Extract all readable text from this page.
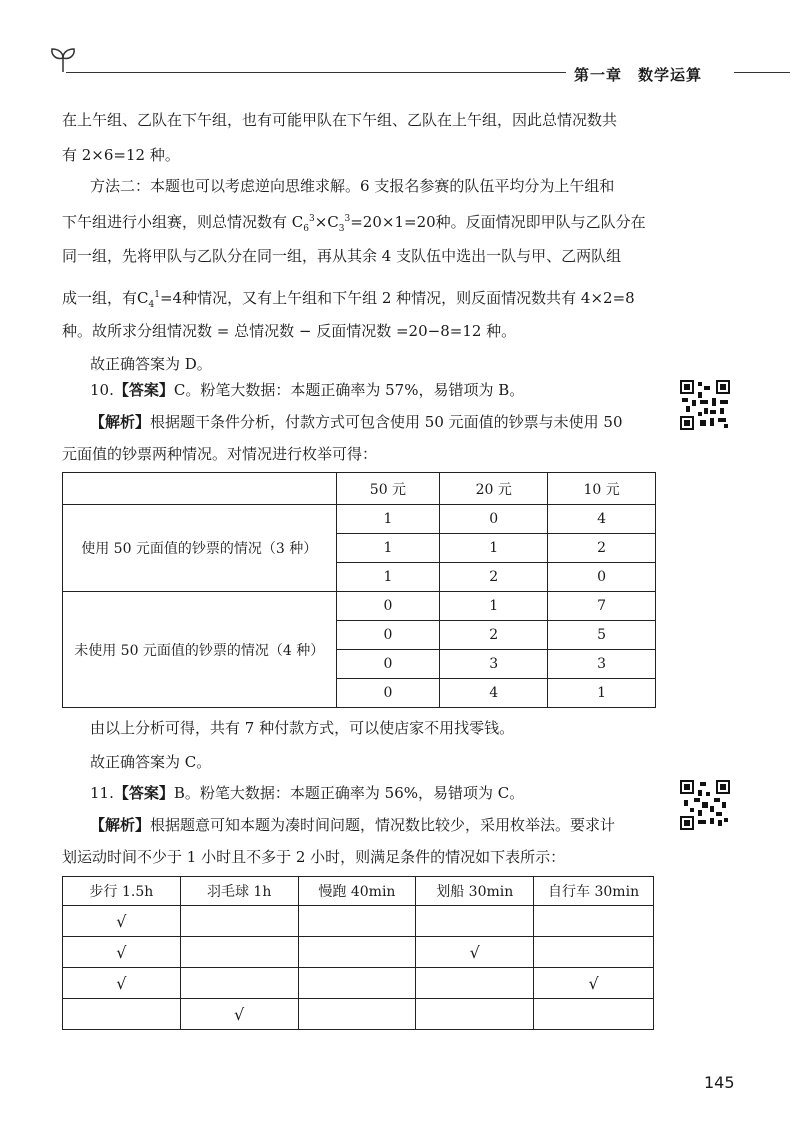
第一章　数学运算
在上午组、乙队在下午组，也有可能甲队在下午组、乙队在上午组，因此总情况数共
有 2×6=12 种。
方法二：本题也可以考虑逆向思维求解。6 支报名参赛的队伍平均分为上午组和
下午组进行小组赛，则总情况数有 $C_6^3\times C_3^3=20\times 1=20$种。反面情况即甲队与乙队分在
同一组，先将甲队与乙队分在同一组，再从其余 4 支队伍中选出一队与甲、乙两队组
成一组，有$C_4^1=4$种情况，又有上午组和下午组 2 种情况，则反面情况数共有 4×2=8
种。故所求分组情况数 = 总情况数 − 反面情况数 =20−8=12 种。
故正确答案为 D。
10.【答案】C。粉笔大数据：本题正确率为 57%，易错项为 B。
【解析】根据题干条件分析，付款方式可包含使用 50 元面值的钞票与未使用 50
元面值的钞票两种情况。对情况进行枚举可得：
	50 元	20 元	10 元
使用 50 元面值的钞票的情况（3 种）	1	0	4
	1	1	2
	1	2	0
未使用 50 元面值的钞票的情况（4 种）	0	1	7
	0	2	5
	0	3	3
	0	4	1
由以上分析可得，共有 7 种付款方式，可以使店家不用找零钱。
故正确答案为 C。
11.【答案】B。粉笔大数据：本题正确率为 56%，易错项为 C。
【解析】根据题意可知本题为凑时间问题，情况数比较少，采用枚举法。要求计
划运动时间不少于 1 小时且不多于 2 小时，则满足条件的情况如下表所示：
步行 1.5h	羽毛球 1h	慢跑 40min	划船 30min	自行车 30min
√				
√			√	
√				√
	√			
145
